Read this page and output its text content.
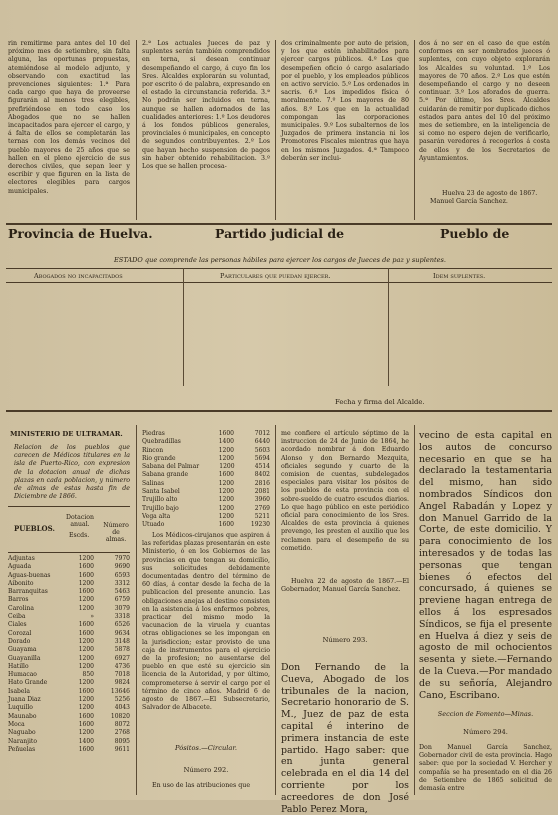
rin remitirme para antes del 10 del próximo mes de setiembre, sin falta alguna, las oportunas propuestas, atemiéndose al modelo adjunto, y observando con exactitud las prevenciones siguientes: 1.ª Para cada cargo que haya de proveerse figurarán al menos tres elegibles, prefiriéndose en todo caso los Abogados que no se hallen incapacitados para ejercer el cargo, y á falta de ellos se completarán las ternas con los demás vecinos del pueblo mayores de 25 años que se hallen en el pleno ejercicio de sus derechos civiles, que sepan leer y escribir y que figuren en la lista de electores elegibles para cargos municipales.

2.ª Los actuales Jueces de paz y suplentes serán también comprendidos en terna, si desean continuar desempeñando el cargo, á cuyo fin los Sres. Alcaldes explorarán su voluntad, por escrito ó de palabra, expresando en el estado la circunstancia referida. 3.ª No podrán ser incluidos en terna, aunque se hallen adornados de las cualidades anteriores: 1.º Los deudores á los fondos públicos generales, provinciales ó municipales, en concepto de segundos contribuyentes. 2.º Los que hayan hecho suspension de pagos sin haber obtenido rehabilitacion. 3.º Los que se hallen procesa-

dos criminalmente por auto de prision, y los que estén inhabilitados para ejercer cargos públicos. 4.º Los que desempeñen oficio ó cargo asalariado por el pueblo, y los empleados públicos en activo servicio. 5.º Los ordenados in sacris. 6.º Los impedidos física ó moralmente. 7.º Los mayores de 80 años. 8.º Los que en la actualidad compongan las corporaciones municipales. 9.º Los subalternos de los Juzgados de primera instancia ni los Promotores Fiscales mientras que haya en los mismos Juzgados. 4.ª Tampoco deberán ser inclui-

dos á no ser en el caso de que estén conformes en ser nombrados jueces ó suplentes, con cuyo objeto explorarán los Alcaldes su voluntad. 1.º Los mayores de 70 años. 2.º Los que estén desempeñando el cargo y no deseen continuar. 3.º Los aforados de guerra. 5.ª Por último, los Sres. Alcaldes cuidarán de remitir por duplicado dichos estados para antes del 10 del próximo mes de setiembre, en la inteligencia de si como no espero dejen de verificarlo, pasarán veredores á recogerlos á costa de ellos y de los Secretarios de Ayuntamientos.

Huelva 23 de agosto de 1867.

Manuel García Sanchez.

Provincia de Huelva.	Partido judicial de	Pueblo de
ESTADO que comprende las personas hábiles para ejercer los cargos de Jueces de paz y suplentes.
Abogados no incapacitados	Particulares que puedan ejercer.	Idem suplentes.
Fecha y firma del Alcalde.
MINISTERIO DE ULTRAMAR.

Relacion de los pueblos que carecen de Médicos titulares en la isla de Puerto-Rico, con expresion de la dotacion anual de dichas plazas en cada poblacion, y número de almas de estas hasta fin de Diciembre de 1866.

PUEBLOS.
Dotacion anual.
Escds.
Número de almas.
Adjuntas	1200	7970
Aguada	1600	9690
Aguas-buenas	1600	6593
Aibonito	1200	3312
Barranquitas	1600	5463
Barros	1200	6759
Carolina	1200	3079
Ceiba	»	3318
Ciales	1600	6526
Corozal	1600	9634
Dorado	1200	3148
Guayama	1200	5878
Guayanilla	1200	6927
Hatillo	1200	4736
Humacao	850	7018
Hato Grande	1200	9824
Isabela	1600	13646
Juana Diaz	1200	5256
Luquillo	1200	4043
Maunabo	1600	10820
Moca	1600	8072
Naguabo	1200	2768
Naranjito	1400	8095
Peñuelas	1600	9611
Piedras	1600	7012
Quebradillas	1400	6440
Rincon	1200	5603
Rio grande	1200	5694
Sabana del Palmar	1200	4514
Sabana grande	1600	8402
Salinas	1200	2816
Santa Isabel	1200	2081
Trujillo alto	1200	3960
Trujillo bajo	1200	2769
Vega alta	1200	5211
Utuado	1600	19230

Los Médicos-cirujanos que aspiren á las referidas plazas presentarán en este Ministerio, ó en los Gobiernos de las provincias en que tengan su domicilio, sus solicitudes debidamente documentadas dentro del término de 60 días, á contar desde la fecha de la publicacion del presente anuncio. Las obligaciones anejas al destino consisten en la asistencia á los enfermos pobres, practicar del mismo modo la vacunacion de la viruela y cuantas otras obligaciones se les impongan en la jurisdiccion; estar provisto de una caja de instrumentos para el ejercicio de la profesion; no ausentarse del pueblo en que esté su ejercicio sin licencia de la Autoridad, y por último, comprometerse á servir el cargo por el término de cinco años. Madrid 6 de agosto de 1867.—El Subsecretario, Salvador de Albacete.

Pósitos.—Circular.
Número 292.

En uso de las atribuciones que

me confiere el artículo séptimo de la instruccion de 24 de Junio de 1864, he acordado nombrar á don Eduardo Alonso y don Bernardo Mezquita, oficiales segundo y cuarto de la comision de cuentas, subdelegados especiales para visitar los pósitos de los pueblos de esta provincia con el sobre-sueldo de cuatro escudos diarios. Lo que hago público en este periódico oficial para conocimiento de los Sres. Alcaldes de esta provincia á quienes prevengo, les presten el auxilio que les reclamen para el desempeño de su cometido.

Huelva 22 de agosto de 1867.—El Gobernador, Manuel García Sanchez.

Número 293.

Don Fernando de la Cueva, Abogado de los tribunales de la nacion, Secretario honorario de S. M., Juez de paz de esta capital é interino de primera instancia de este partido. Hago saber: que en junta general celebrada en el dia 14 del corriente por los acreedores de don José Pablo Perez Mora,

vecino de esta capital en los autos de concurso necesario en que se ha declarado la testamentaria del mismo, han sido nombrados Síndicos don Angel Rabadán y Lopez y don Manuel Garrido de la Corte, de este domicilio. Y para conocimiento de los interesados y de todas las personas que tengan bienes ó efectos del concursado, á quienes se previene hagan entrega de ellos á los espresados Síndicos, se fija el presente en Huelva á diez y seis de agosto de mil ochocientos sesenta y siete.—Fernando de la Cueva.—Por mandado de su señoría, Alejandro Cano, Escribano.

Seccion de Fomento—Minas.
Número 294.

Don Manuel García Sanchez, Gobernador civil de esta provincia. Hago saber: que por la sociedad V. Hercher y compañía se ha presentado en el dia 26 de Setiembre de 1865 solicitud de demasía entre
